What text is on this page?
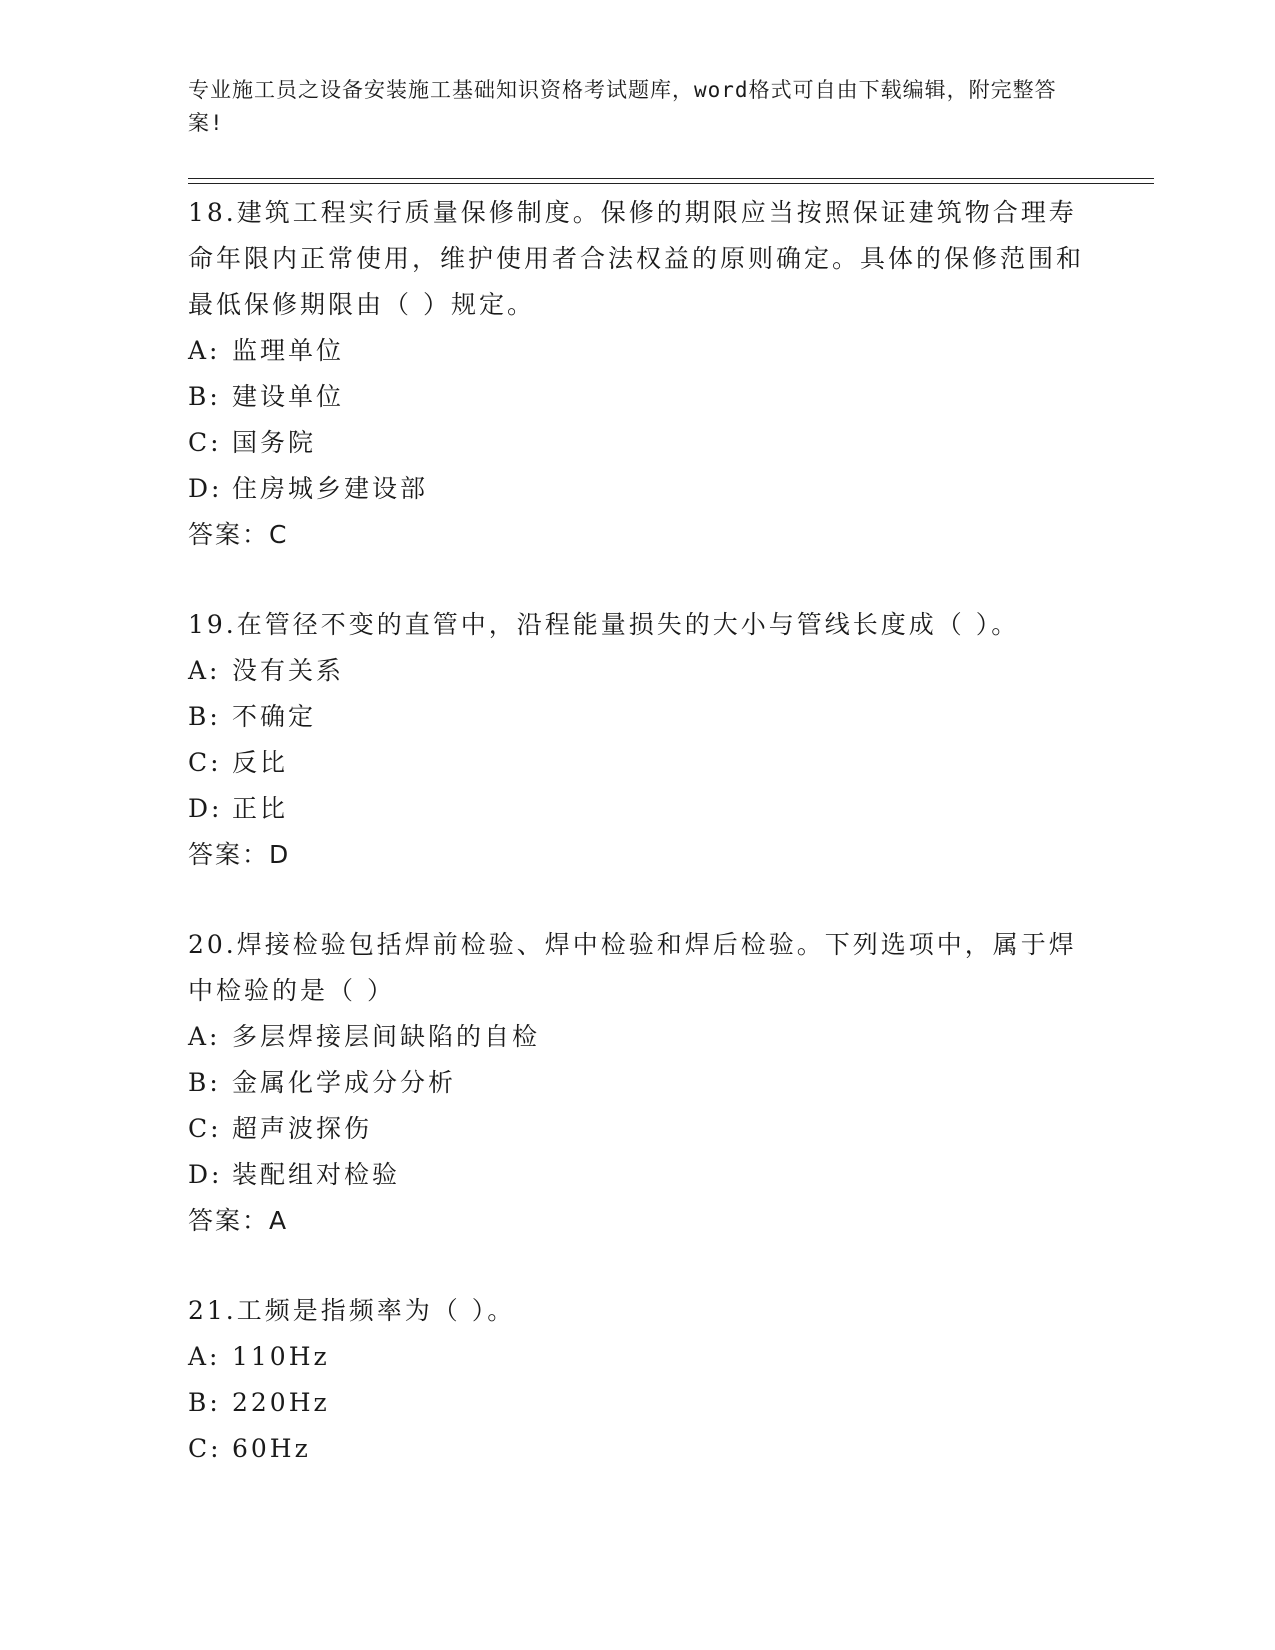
专业施工员之设备安装施工基础知识资格考试题库，word格式可自由下载编辑，附完整答案!
18.建筑工程实行质量保修制度。保修的期限应当按照保证建筑物合理寿命年限内正常使用，维护使用者合法权益的原则确定。具体的保修范围和最低保修期限由（ ）规定。
A: 监理单位
B: 建设单位
C: 国务院
D: 住房城乡建设部
答案：C
19.在管径不变的直管中，沿程能量损失的大小与管线长度成（ ）。
A: 没有关系
B: 不确定
C: 反比
D: 正比
答案：D
20.焊接检验包括焊前检验、焊中检验和焊后检验。下列选项中，属于焊中检验的是（ ）
A: 多层焊接层间缺陷的自检
B: 金属化学成分分析
C: 超声波探伤
D: 装配组对检验
答案：A
21.工频是指频率为（ ）。
A: 110Hz
B: 220Hz
C: 60Hz
